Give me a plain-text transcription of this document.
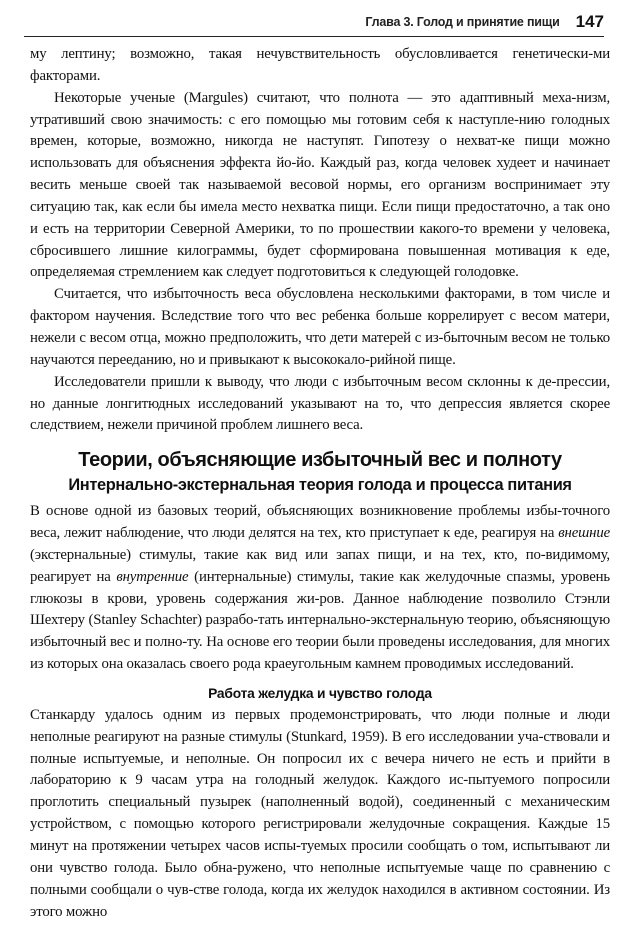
Глава 3. Голод и принятие пищи 147

му лептину; возможно, такая нечувствительность обусловливается генетически-ми факторами.

Некоторые ученые (Margules) считают, что полнота — это адаптивный меха-низм, утративший свою значимость: с его помощью мы готовим себя к наступле-нию голодных времен, которые, возможно, никогда не наступят. Гипотезу о нехват-ке пищи можно использовать для объяснения эффекта йо-йо. Каждый раз, когда человек худеет и начинает весить меньше своей так называемой весовой нормы, его организм воспринимает эту ситуацию так, как если бы имела место нехватка пищи. Если пищи предостаточно, а так оно и есть на территории Северной Америки, то по прошествии какого-то времени у человека, сбросившего лишние килограммы, будет сформирована повышенная мотивация к еде, определяемая стремлением как следует подготовиться к следующей голодовке.

Считается, что избыточность веса обусловлена несколькими факторами, в том числе и фактором научения. Вследствие того что вес ребенка больше коррелирует с весом матери, нежели с весом отца, можно предположить, что дети матерей с из-быточным весом не только научаются перееданию, но и привыкают к высококало-рийной пище.

Исследователи пришли к выводу, что люди с избыточным весом склонны к де-прессии, но данные лонгитюдных исследований указывают на то, что депрессия является скорее следствием, нежели причиной проблем лишнего веса.

Теории, объясняющие избыточный вес и полноту
Интернально-экстернальная теория голода и процесса питания

В основе одной из базовых теорий, объясняющих возникновение проблемы избы-точного веса, лежит наблюдение, что люди делятся на тех, кто приступает к еде, реагируя на внешние (экстернальные) стимулы, такие как вид или запах пищи, и на тех, кто, по-видимому, реагирует на внутренние (интернальные) стимулы, такие как желудочные спазмы, уровень глюкозы в крови, уровень содержания жи-ров. Данное наблюдение позволило Стэнли Шехтеру (Stanley Schachter) разрабо-тать интернально-экстернальную теорию, объясняющую избыточный вес и полно-ту. На основе его теории были проведены исследования, для многих из которых она оказалась своего рода краеугольным камнем проводимых исследований.

Работа желудка и чувство голода

Станкарду удалось одним из первых продемонстрировать, что люди полные и люди неполные реагируют на разные стимулы (Stunkard, 1959). В его исследовании уча-ствовали и полные испытуемые, и неполные. Он попросил их с вечера ничего не есть и прийти в лабораторию к 9 часам утра на голодный желудок. Каждого ис-пытуемого попросили проглотить специальный пузырек (наполненный водой), соединенный с механическим устройством, с помощью которого регистрировали желудочные сокращения. Каждые 15 минут на протяжении четырех часов испы-туемых просили сообщать о том, испытывают ли они чувство голода. Было обна-ружено, что неполные испытуемые чаще по сравнению с полными сообщали о чув-стве голода, когда их желудок находился в активном состоянии. Из этого можно
